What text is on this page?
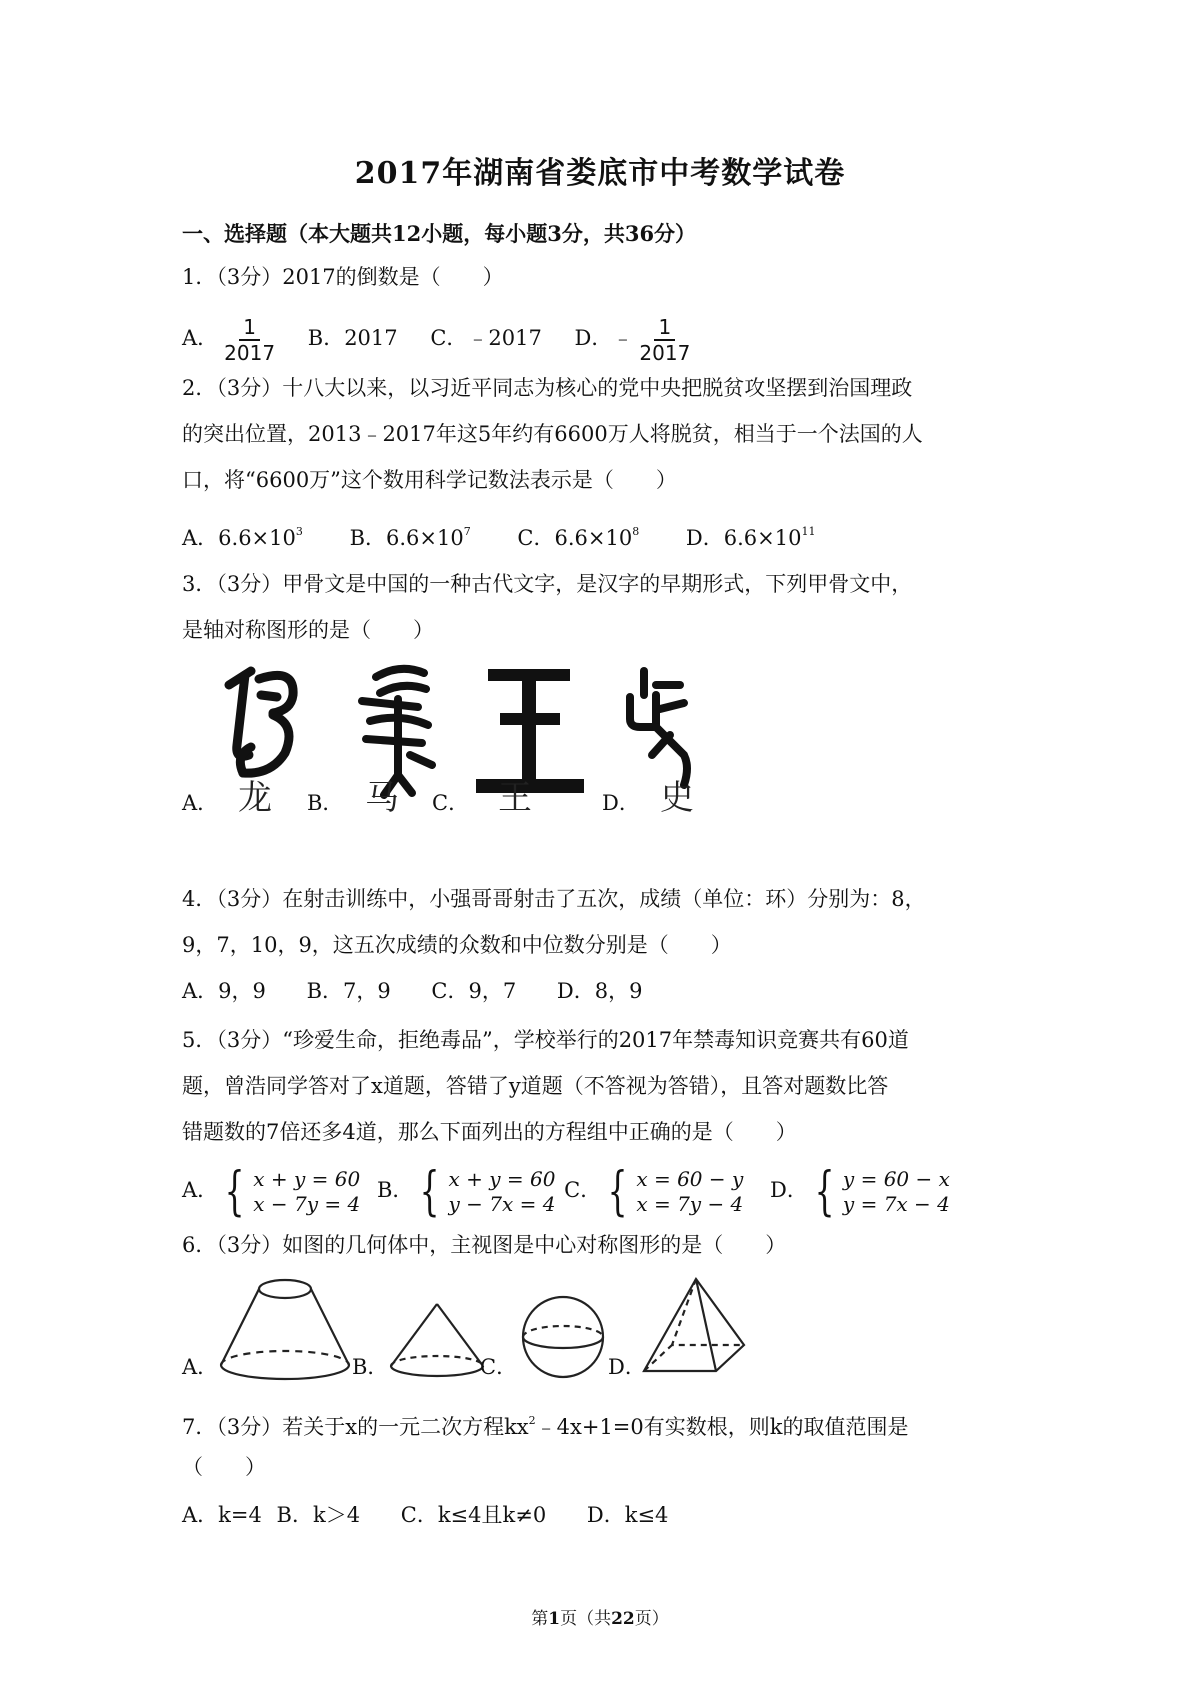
2017年湖南省娄底市中考数学试卷
一、选择题（本大题共12小题，每小题3分，共36分）
1．（3分）2017的倒数是（　　）
A． $\frac{1}{2017}$ B．2017 C．﹣2017 D．﹣ $\frac{1}{2017}$
2．（3分）十八大以来，以习近平同志为核心的党中央把脱贫攻坚摆到治国理政
的突出位置，2013﹣2017年这5年约有6600万人将脱贫，相当于一个法国的人
口，将“6600万”这个数用科学记数法表示是（　　）
A．$6.6\times 10^3$ B．$6.6\times 10^7$ C．$6.6\times 10^8$ D．$6.6\times 10^{11}$
3．（3分）甲骨文是中国的一种古代文字，是汉字的早期形式，下列甲骨文中，
是轴对称图形的是（　　）
A．	B．	C．	D．
龙	马	王	史
4．（3分）在射击训练中，小强哥哥射击了五次，成绩（单位：环）分别为：8，
9，7，10，9，这五次成绩的众数和中位数分别是（　　）
A．9，9 B．7，9 C．9，7 D．8，9
5．（3分）“珍爱生命，拒绝毒品”，学校举行的2017年禁毒知识竞赛共有60道
题，曾浩同学答对了x道题，答错了y道题（不答视为答错），且答对题数比答
错题数的7倍还多4道，那么下面列出的方程组中正确的是（　　）
A． { x + y = 60
x − 7y = 4
B． { x + y = 60
y − 7x = 4
C． { x = 60 − y
x = 7y − 4
D． { y = 60 − x
y = 7x − 4
6．（3分）如图的几何体中，主视图是中心对称图形的是（　　）
A．	B．	C．	D．
7．（3分）若关于x的一元二次方程$kx^2﹣4x+1=0$有实数根，则k的取值范围是
（　　）
A．k=4 B．k＞4 C．k≤4且k≠0 D．k≤4
第1页（共22页）
